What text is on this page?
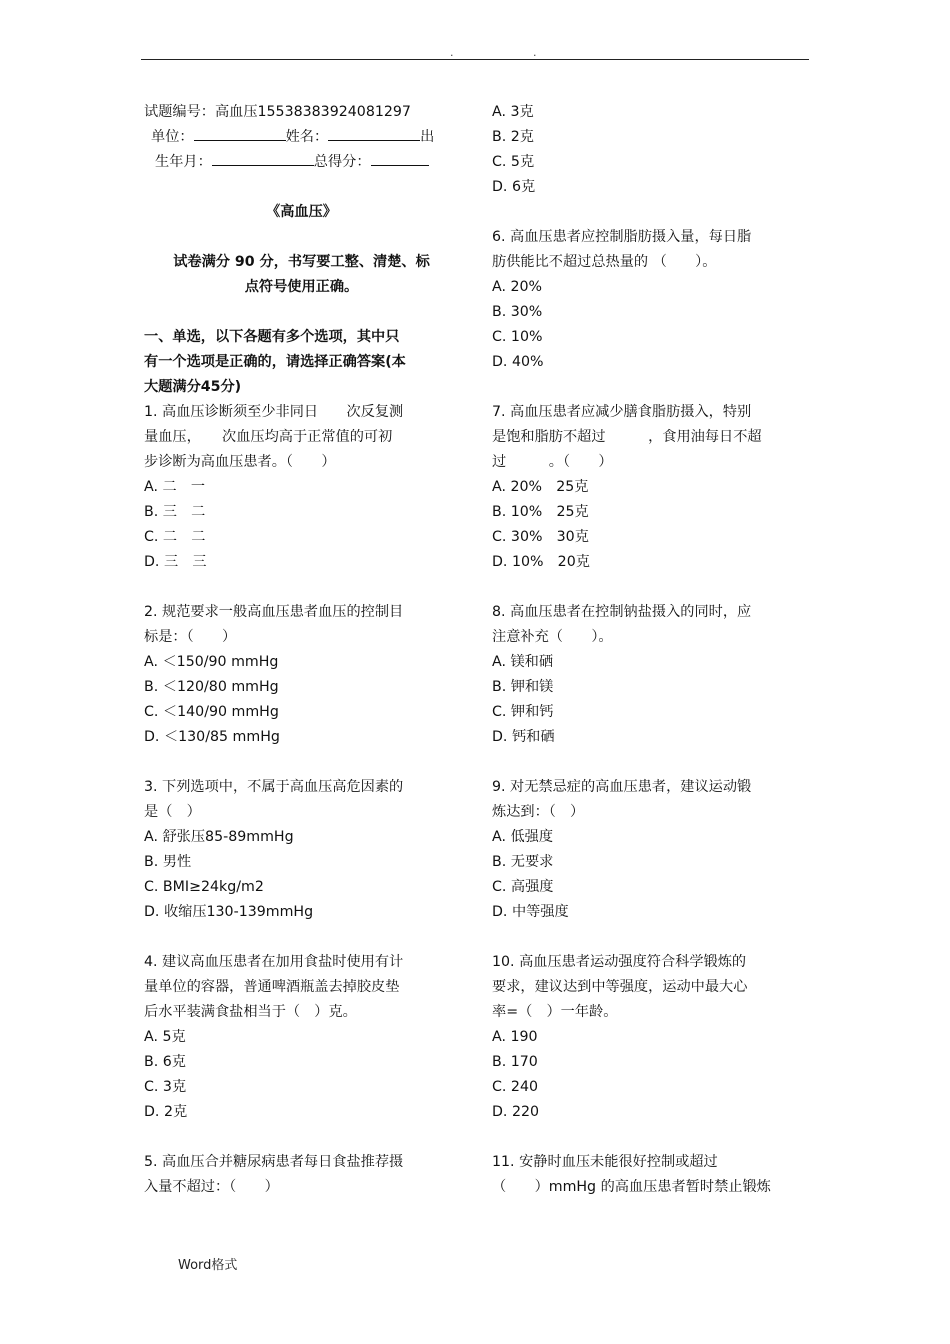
. .
试题编号：高血压15538383924081297
单位：	姓名：	出
生年月：	总得分：
《高血压》
试卷满分 90 分，书写要工整、清楚、标
点符号使用正确。
一、单选，以下各题有多个选项，其中只
有一个选项是正确的，请选择正确答案(本
大题满分45分)
1. 高血压诊断须至少非同日　　次反复测
量血压，　　次血压均高于正常值的可初
步诊断为高血压患者。（　　）
A. 二　一
B. 三　二
C. 二　二
D. 三　三
2. 规范要求一般高血压患者血压的控制目
标是：（　　）
A. ＜150/90 mmHg
B. ＜120/80 mmHg
C. ＜140/90 mmHg
D. ＜130/85 mmHg
3. 下列选项中，不属于高血压高危因素的
是（　）
A. 舒张压85-89mmHg
B. 男性
C. BMI≥24kg/m2
D. 收缩压130-139mmHg
4. 建议高血压患者在加用食盐时使用有计
量单位的容器，普通啤酒瓶盖去掉胶皮垫
后水平装满食盐相当于（　）克。
A. 5克
B. 6克
C. 3克
D. 2克
5. 高血压合并糖尿病患者每日食盐推荐摄
入量不超过：（　　）
A. 3克
B. 2克
C. 5克
D. 6克
6. 高血压患者应控制脂肪摄入量，每日脂
肪供能比不超过总热量的 （　　）。
A. 20%
B. 30%
C. 10%
D. 40%
7. 高血压患者应减少膳食脂肪摄入，特别
是饱和脂肪不超过　　　，食用油每日不超
过　　　。（　　）
A. 20%　25克
B. 10%　25克
C. 30%　30克
D. 10%　20克
8. 高血压患者在控制钠盐摄入的同时，应
注意补充（　　）。
A. 镁和硒
B. 钾和镁
C. 钾和钙
D. 钙和硒
9. 对无禁忌症的高血压患者，建议运动锻
炼达到：（　）
A. 低强度
B. 无要求
C. 高强度
D. 中等强度
10. 高血压患者运动强度符合科学锻炼的
要求，建议达到中等强度，运动中最大心
率=（　）一年龄。
A. 190
B. 170
C. 240
D. 220
11. 安静时血压未能很好控制或超过
（　　）mmHg 的高血压患者暂时禁止锻炼
Word格式
